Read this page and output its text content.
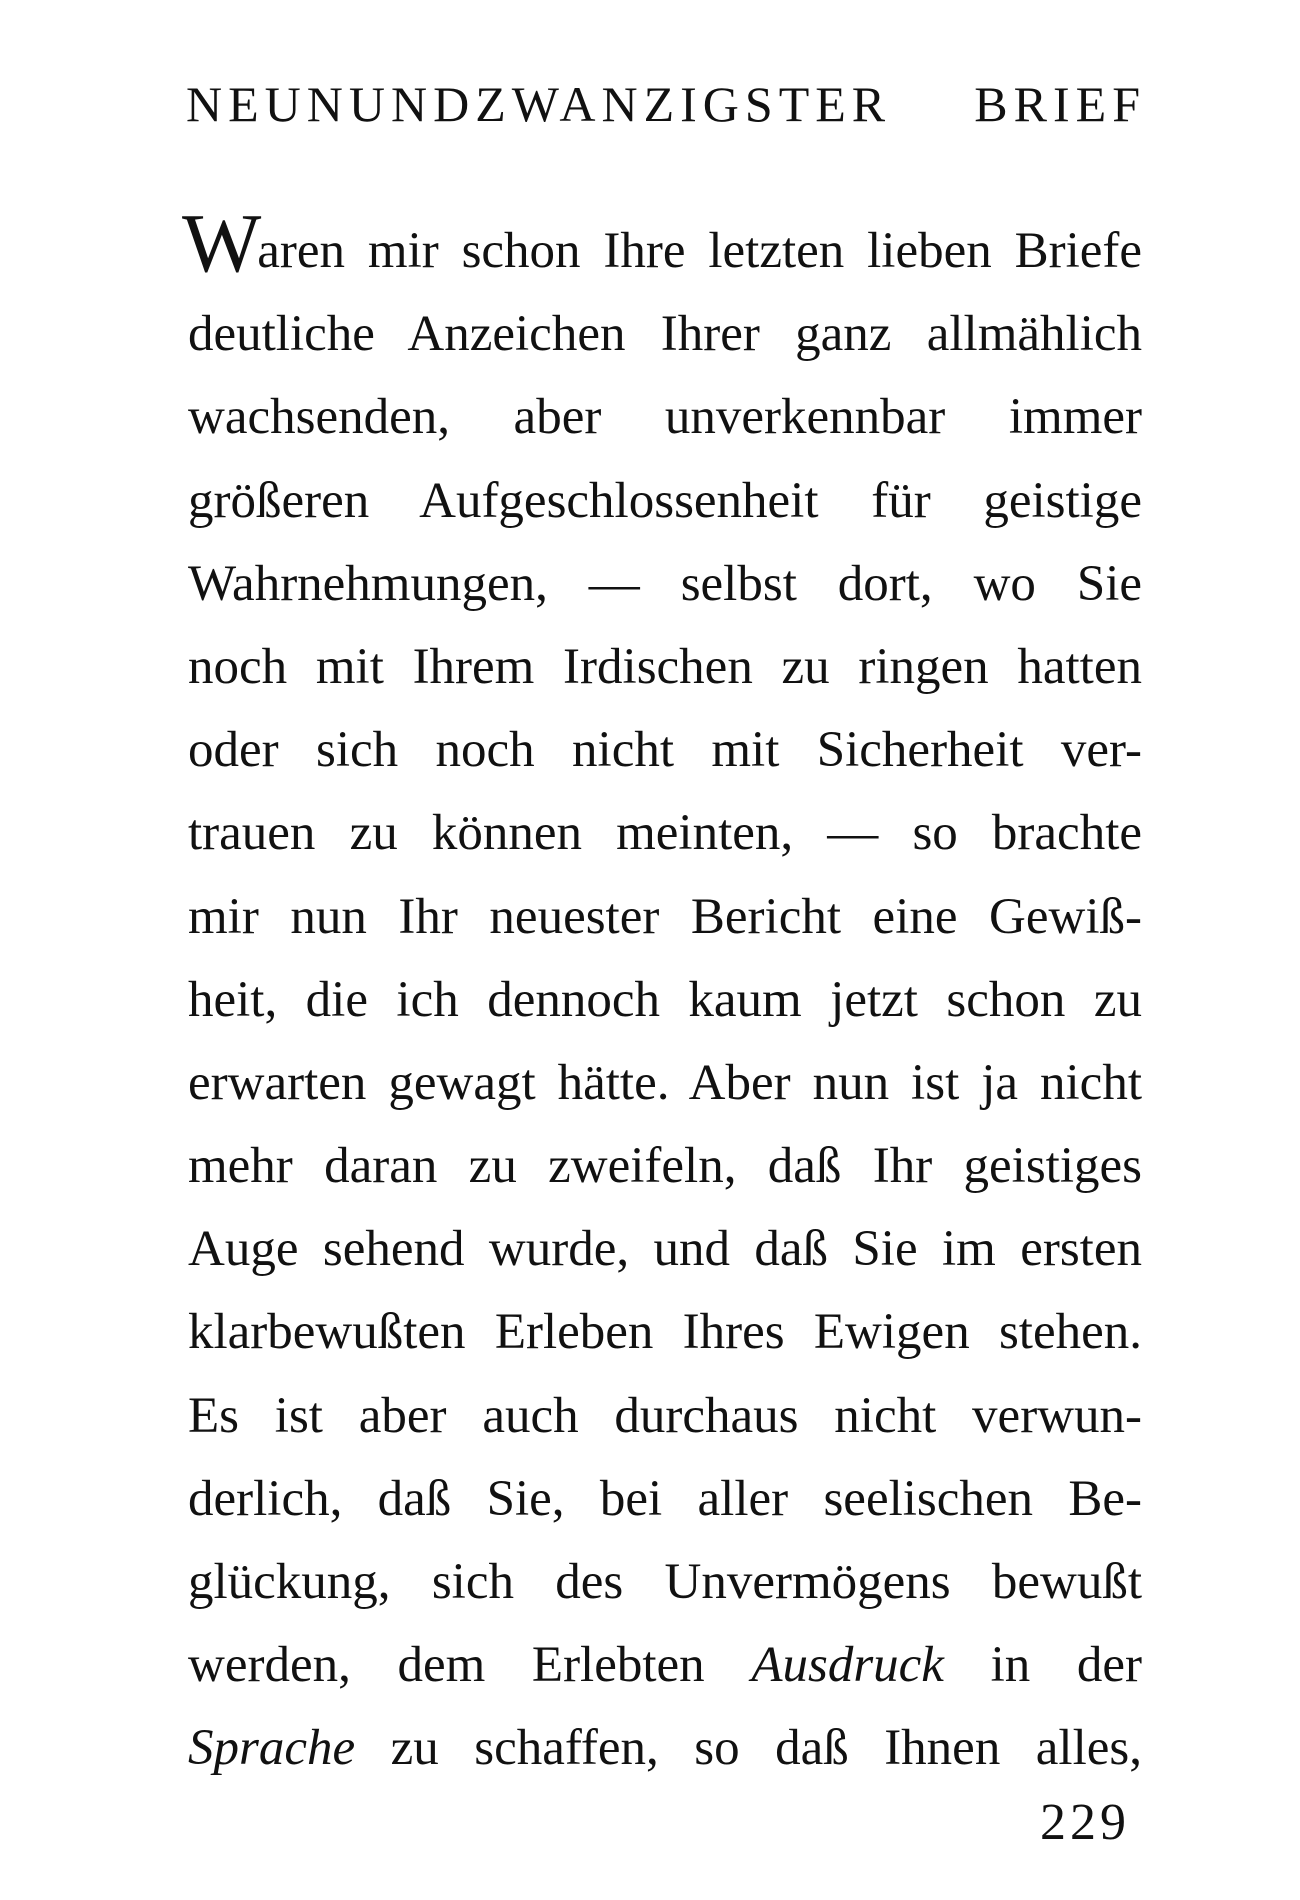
NEUNUNDZWANZIGSTER BRIEF
Waren mir schon Ihre letzten lieben Briefe
deutliche Anzeichen Ihrer ganz allmählich
wachsenden, aber unverkennbar immer
größeren Aufgeschlossenheit für geistige
Wahrnehmungen, — selbst dort, wo Sie
noch mit Ihrem Irdischen zu ringen hatten
oder sich noch nicht mit Sicherheit ver-
trauen zu können meinten, — so brachte
mir nun Ihr neuester Bericht eine Gewiß-
heit, die ich dennoch kaum jetzt schon zu
erwarten gewagt hätte. Aber nun ist ja nicht
mehr daran zu zweifeln, daß Ihr geistiges
Auge sehend wurde, und daß Sie im ersten
klarbewußten Erleben Ihres Ewigen stehen.
Es ist aber auch durchaus nicht verwun-
derlich, daß Sie, bei aller seelischen Be-
glückung, sich des Unvermögens bewußt
werden, dem Erlebten Ausdruck in der
Sprache zu schaffen, so daß Ihnen alles,
229
